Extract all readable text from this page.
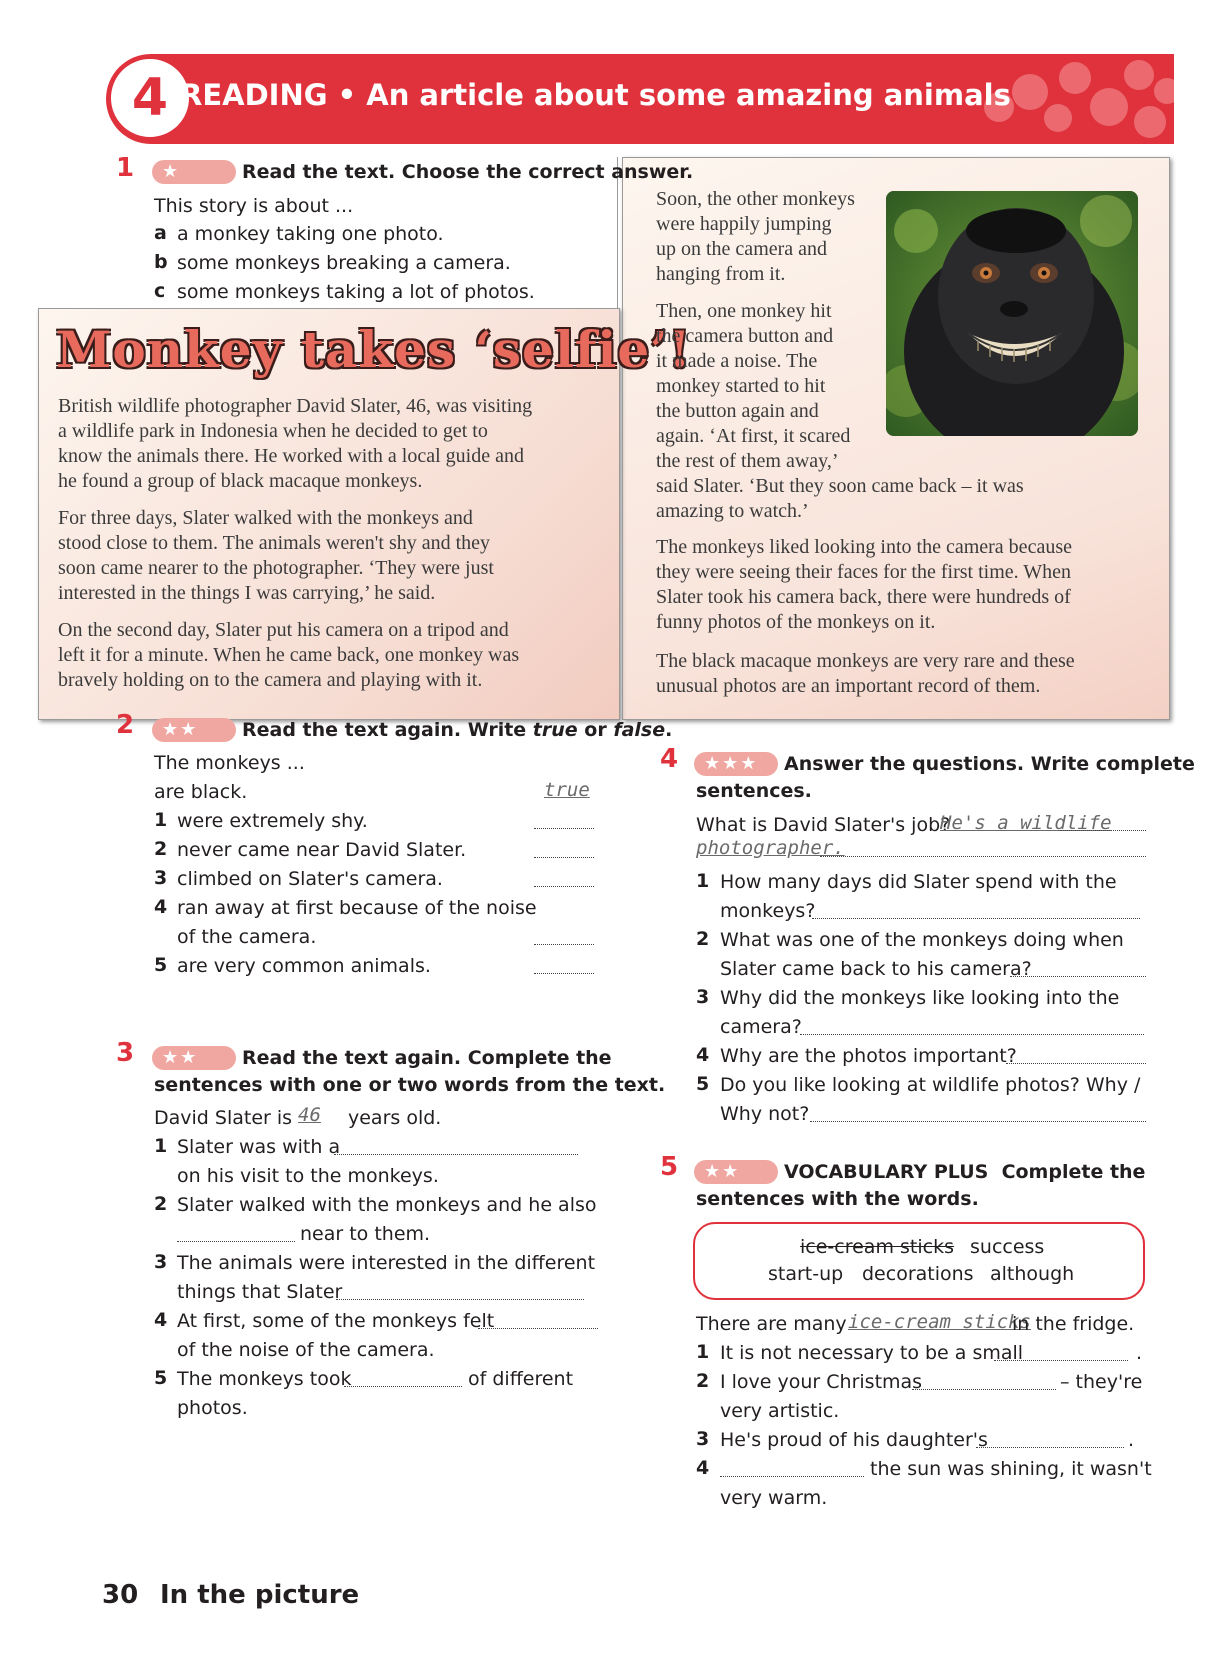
4 READING • An article about some amazing animals
1	★	Read the text. Choose the correct answer.
This story is about ...
a a monkey taking one photo.
b some monkeys breaking a camera.
c some monkeys taking a lot of photos.
Monkey takes ‘selfie’!
British wildlife photographer David Slater, 46, was visiting
a wildlife park in Indonesia when he decided to get to
know the animals there. He worked with a local guide and
he found a group of black macaque monkeys.
For three days, Slater walked with the monkeys and
stood close to them. The animals weren't shy and they
soon came nearer to the photographer. ‘They were just
interested in the things I was carrying,’ he said.
On the second day, Slater put his camera on a tripod and
left it for a minute. When he came back, one monkey was
bravely holding on to the camera and playing with it.
Soon, the other monkeys
were happily jumping
up on the camera and
hanging from it.
Then, one monkey hit
the camera button and
it made a noise. The
monkey started to hit
the button again and
again. ‘At first, it scared
the rest of them away,’
said Slater. ‘But they soon came back – it was
amazing to watch.’
The monkeys liked looking into the camera because
they were seeing their faces for the first time. When
Slater took his camera back, there were hundreds of
funny photos of the monkeys on it.
The black macaque monkeys are very rare and these
unusual photos are an important record of them.
2	★★	Read the text again. Write true or false.
The monkeys ...
are black.	true
1 were extremely shy.
2 never came near David Slater.
3 climbed on Slater's camera.
4 ran away at first because of the noise
of the camera.
5 are very common animals.
3	★★	Read the text again. Complete the
sentences with one or two words from the text.
David Slater is 46 years old.
1 Slater was with a
on his visit to the monkeys.
2 Slater walked with the monkeys and he also
near to them.
3 The animals were interested in the different
things that Slater
4 At first, some of the monkeys felt
of the noise of the camera.
5 The monkeys took	of different
photos.
4	★★★	Answer the questions. Write complete
sentences.
What is David Slater's job?
He's a wildlife
photographer.
1 How many days did Slater spend with the
monkeys?
2 What was one of the monkeys doing when
Slater came back to his camera?
3 Why did the monkeys like looking into the
camera?
4 Why are the photos important?
5 Do you like looking at wildlife photos? Why /
Why not?
5	★★	VOCABULARY PLUS Complete the
sentences with the words.
ice-cream sticks success
start-up decorations although
There are many ice-cream sticks
in the fridge.
1 It is not necessary to be a small	.
2 I love your Christmas	– they're
very artistic.
3 He's proud of his daughter's	.
4	the sun was shining, it wasn't
very warm.
30 In the picture
